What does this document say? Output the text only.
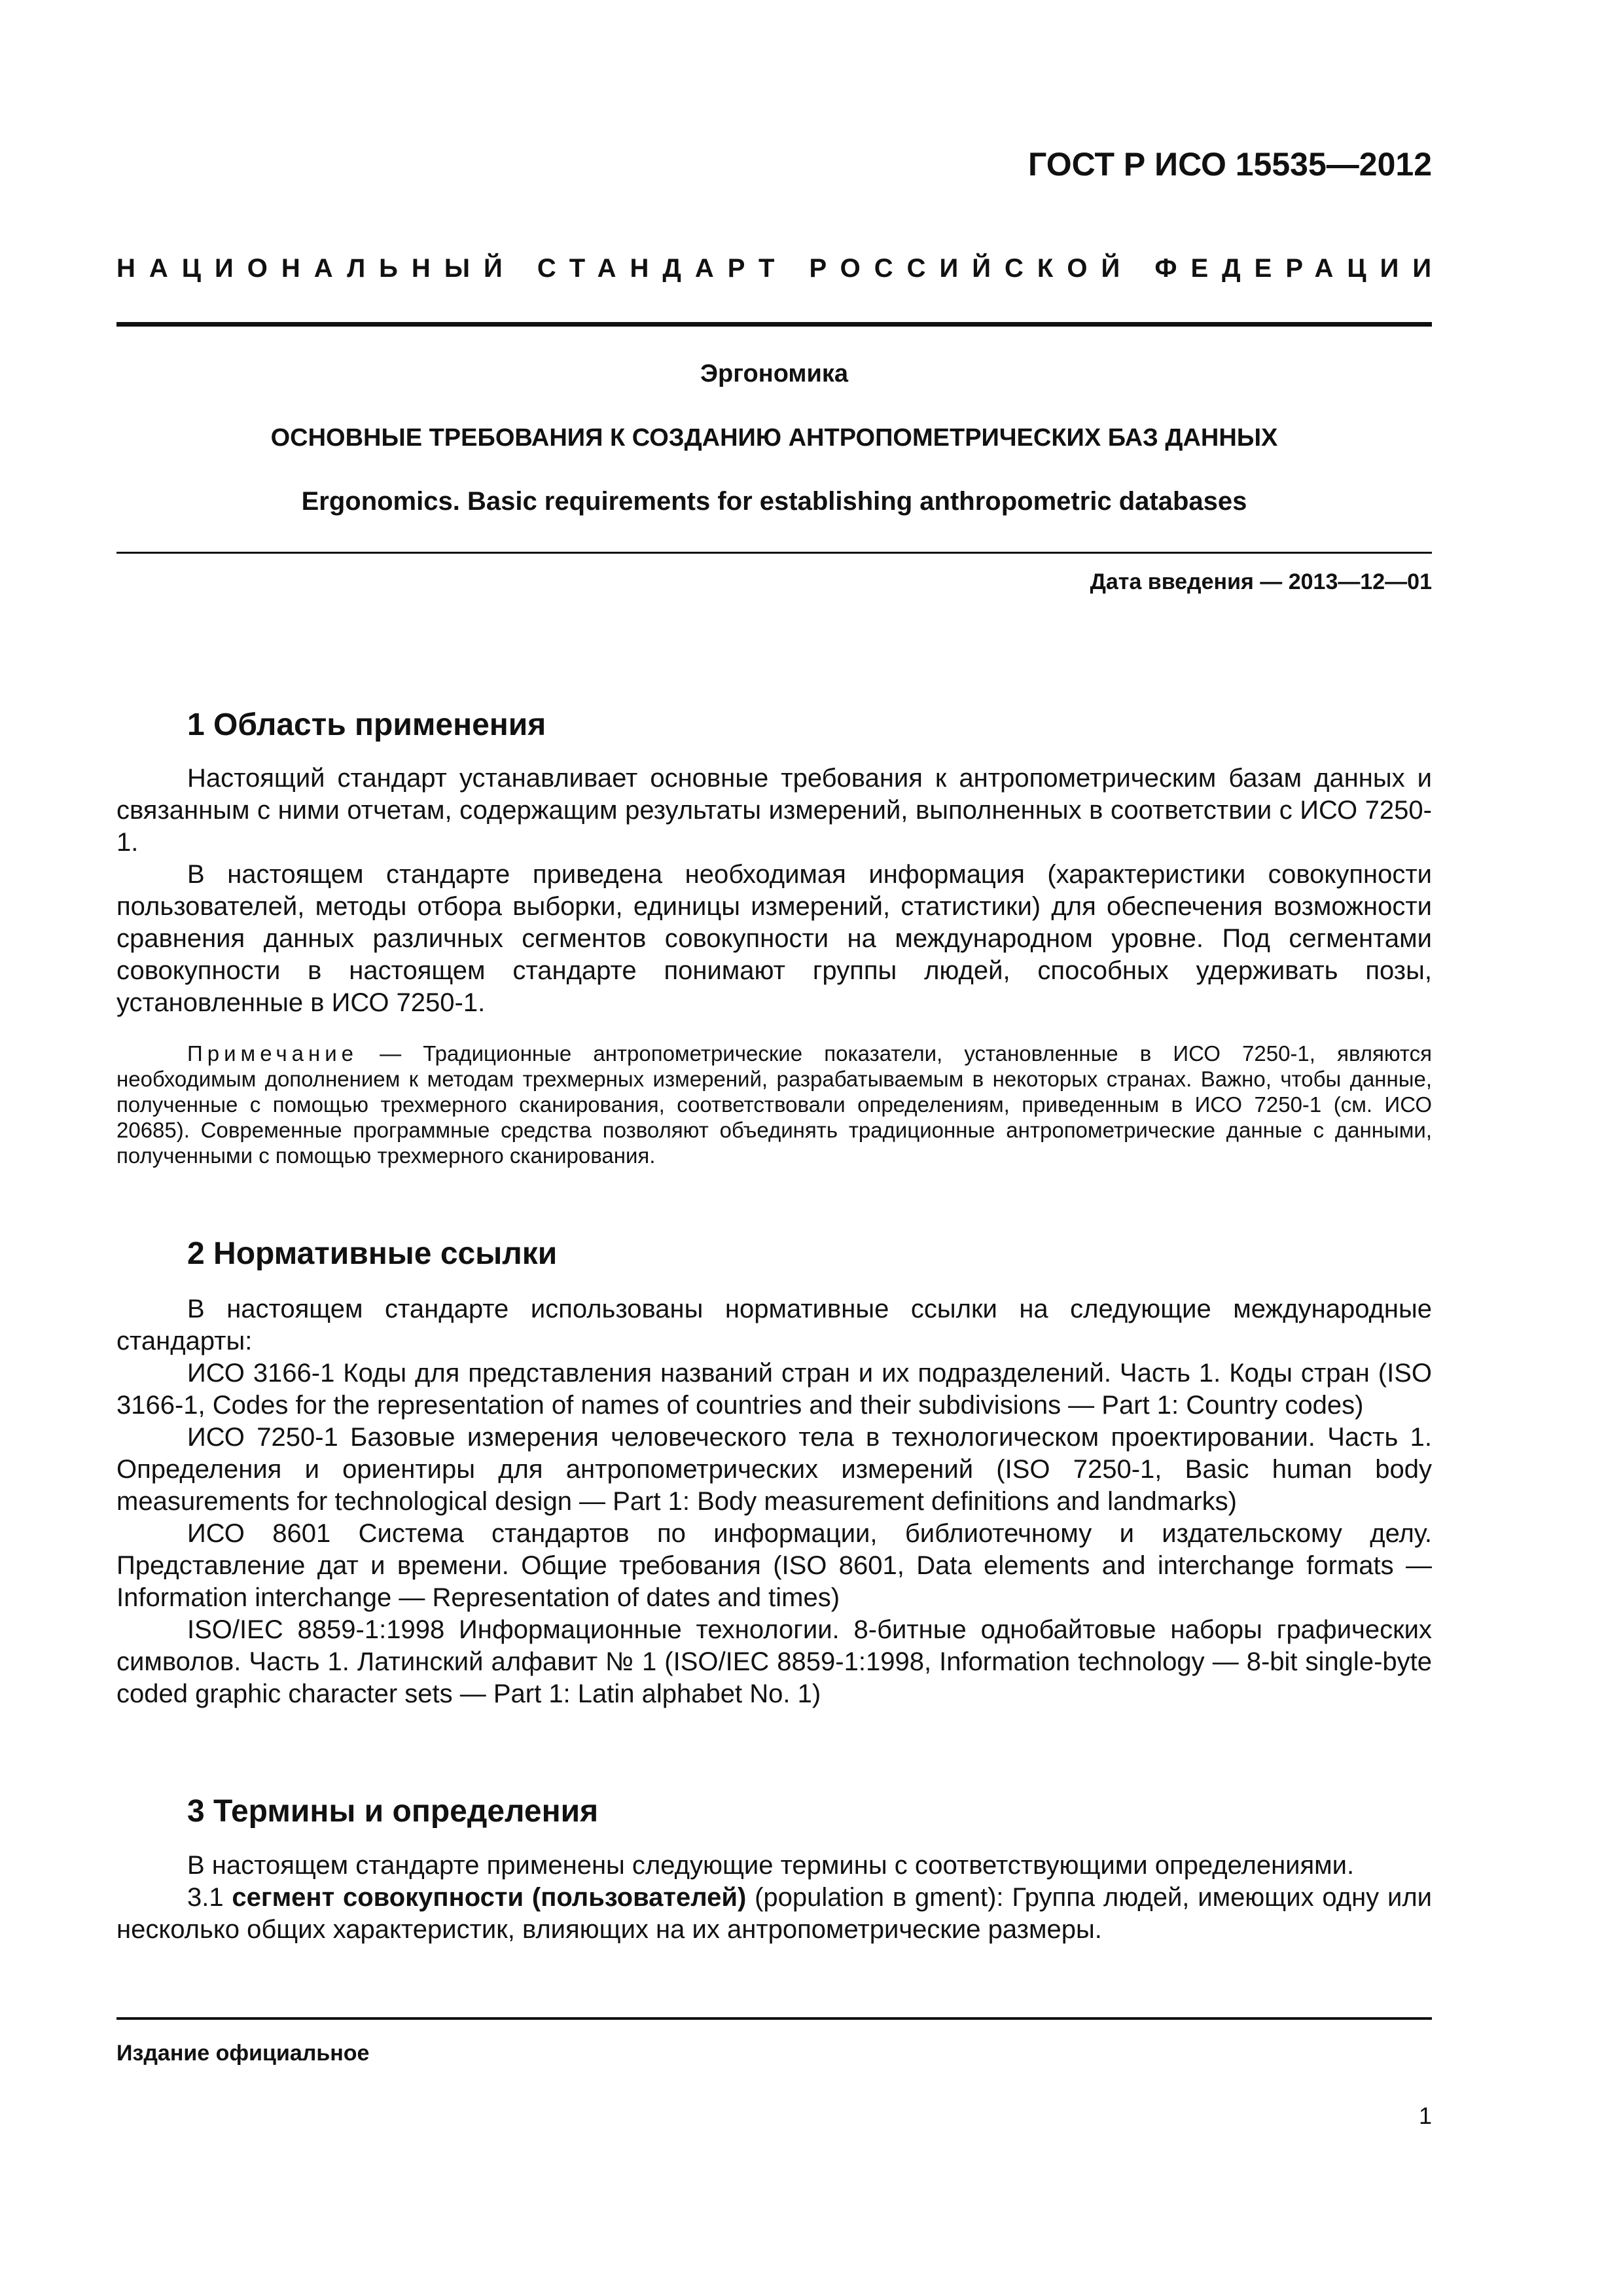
ГОСТ Р ИСО 15535—2012
НАЦИОНАЛЬНЫЙ СТАНДАРТ РОССИЙСКОЙ ФЕДЕРАЦИИ
Эргономика
ОСНОВНЫЕ ТРЕБОВАНИЯ К СОЗДАНИЮ АНТРОПОМЕТРИЧЕСКИХ БАЗ ДАННЫХ
Ergonomics. Basic requirements for establishing anthropometric databases
Дата введения — 2013—12—01
1 Область применения

Настоящий стандарт устанавливает основные требования к антропометрическим базам данных и связанным с ними отчетам, содержащим результаты измерений, выполненных в соответствии с ИСО 7250-1.

В настоящем стандарте приведена необходимая информация (характеристики совокупности пользователей, методы отбора выборки, единицы измерений, статистики) для обеспечения возможности сравнения данных различных сегментов совокупности на международном уровне. Под сегментами совокупности в настоящем стандарте понимают группы людей, способных удерживать позы, установленные в ИСО 7250-1.

Примечание — Традиционные антропометрические показатели, установленные в ИСО 7250-1, являются необходимым дополнением к методам трехмерных измерений, разрабатываемым в некоторых странах. Важно, чтобы данные, полученные с помощью трехмерного сканирования, соответствовали определениям, приведенным в ИСО 7250-1 (см. ИСО 20685). Современные программные средства позволяют объединять традиционные антропометрические данные с данными, полученными с помощью трехмерного сканирования.

2 Нормативные ссылки

В настоящем стандарте использованы нормативные ссылки на следующие международные стандарты:

ИСО 3166-1 Коды для представления названий стран и их подразделений. Часть 1. Коды стран (ISO 3166-1, Codes for the representation of names of countries and their subdivisions — Part 1: Country codes)

ИСО 7250-1 Базовые измерения человеческого тела в технологическом проектировании. Часть 1. Определения и ориентиры для антропометрических измерений (ISO 7250-1, Basic human body measurements for technological design — Part 1: Body measurement definitions and landmarks)

ИСО 8601 Система стандартов по информации, библиотечному и издательскому делу. Представление дат и времени. Общие требования (ISO 8601, Data elements and interchange formats — Information interchange — Representation of dates and times)

ISO/IEC 8859-1:1998 Информационные технологии. 8-битные однобайтовые наборы графических символов. Часть 1. Латинский алфавит № 1 (ISO/IEC 8859-1:1998, Information technology — 8-bit single-byte coded graphic character sets — Part 1: Latin alphabet No. 1)

3 Термины и определения

В настоящем стандарте применены следующие термины с соответствующими определениями.

3.1 сегмент совокупности (пользователей) (population в gment): Группа людей, имеющих одну или несколько общих характеристик, влияющих на их антропометрические размеры.

Издание официальное
1
